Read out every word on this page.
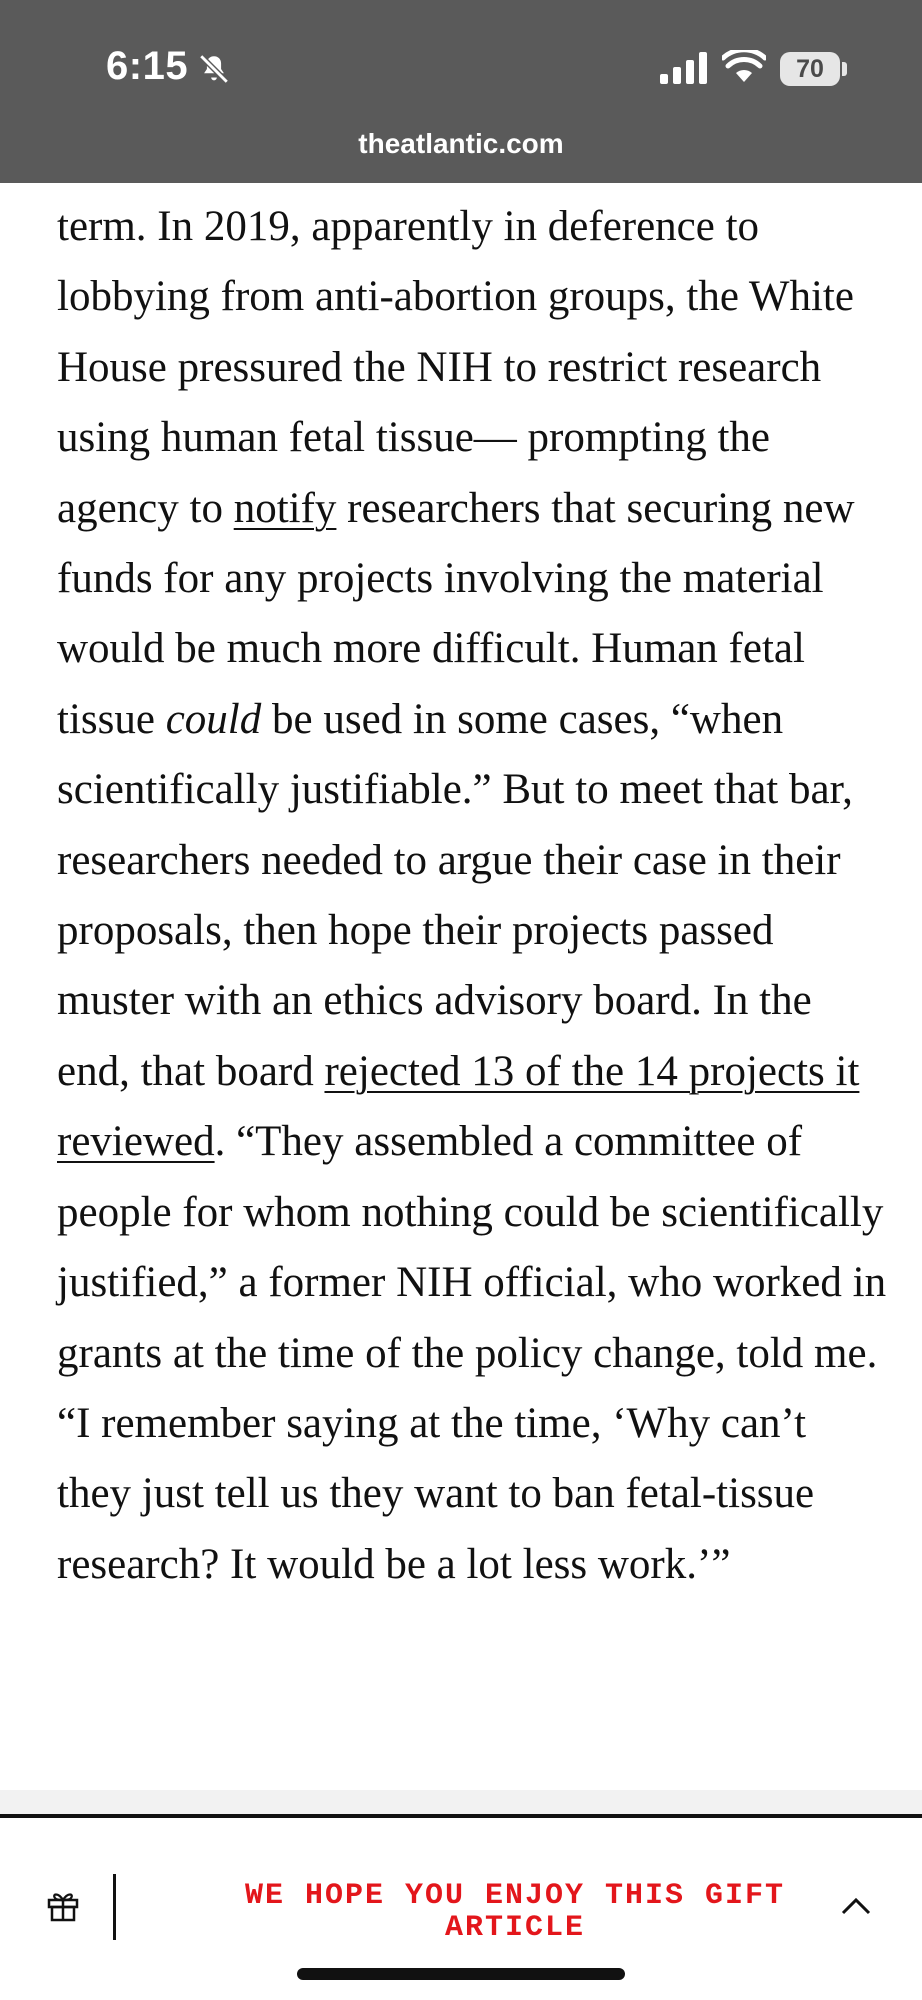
6:15	70
theatlantic.com
term. In 2019, apparently in deference to lobbying from anti-abortion groups, the White House pressured the NIH to restrict research using human fetal tissue— prompting the agency to notify researchers that securing new funds for any projects involving the material would be much more difficult. Human fetal tissue could be used in some cases, “when scientifically justifiable.” But to meet that bar, researchers needed to argue their case in their proposals, then hope their projects passed muster with an ethics advisory board. In the end, that board rejected 13 of the 14 projects it reviewed. “They assembled a committee of people for whom nothing could be scientifically justified,” a former NIH official, who worked in grants at the time of the policy change, told me. “I remember saying at the time, ‘Why can’t they just tell us they want to ban fetal-tissue research? It would be a lot less work.’”
WE HOPE YOU ENJOY THIS GIFT ARTICLE
